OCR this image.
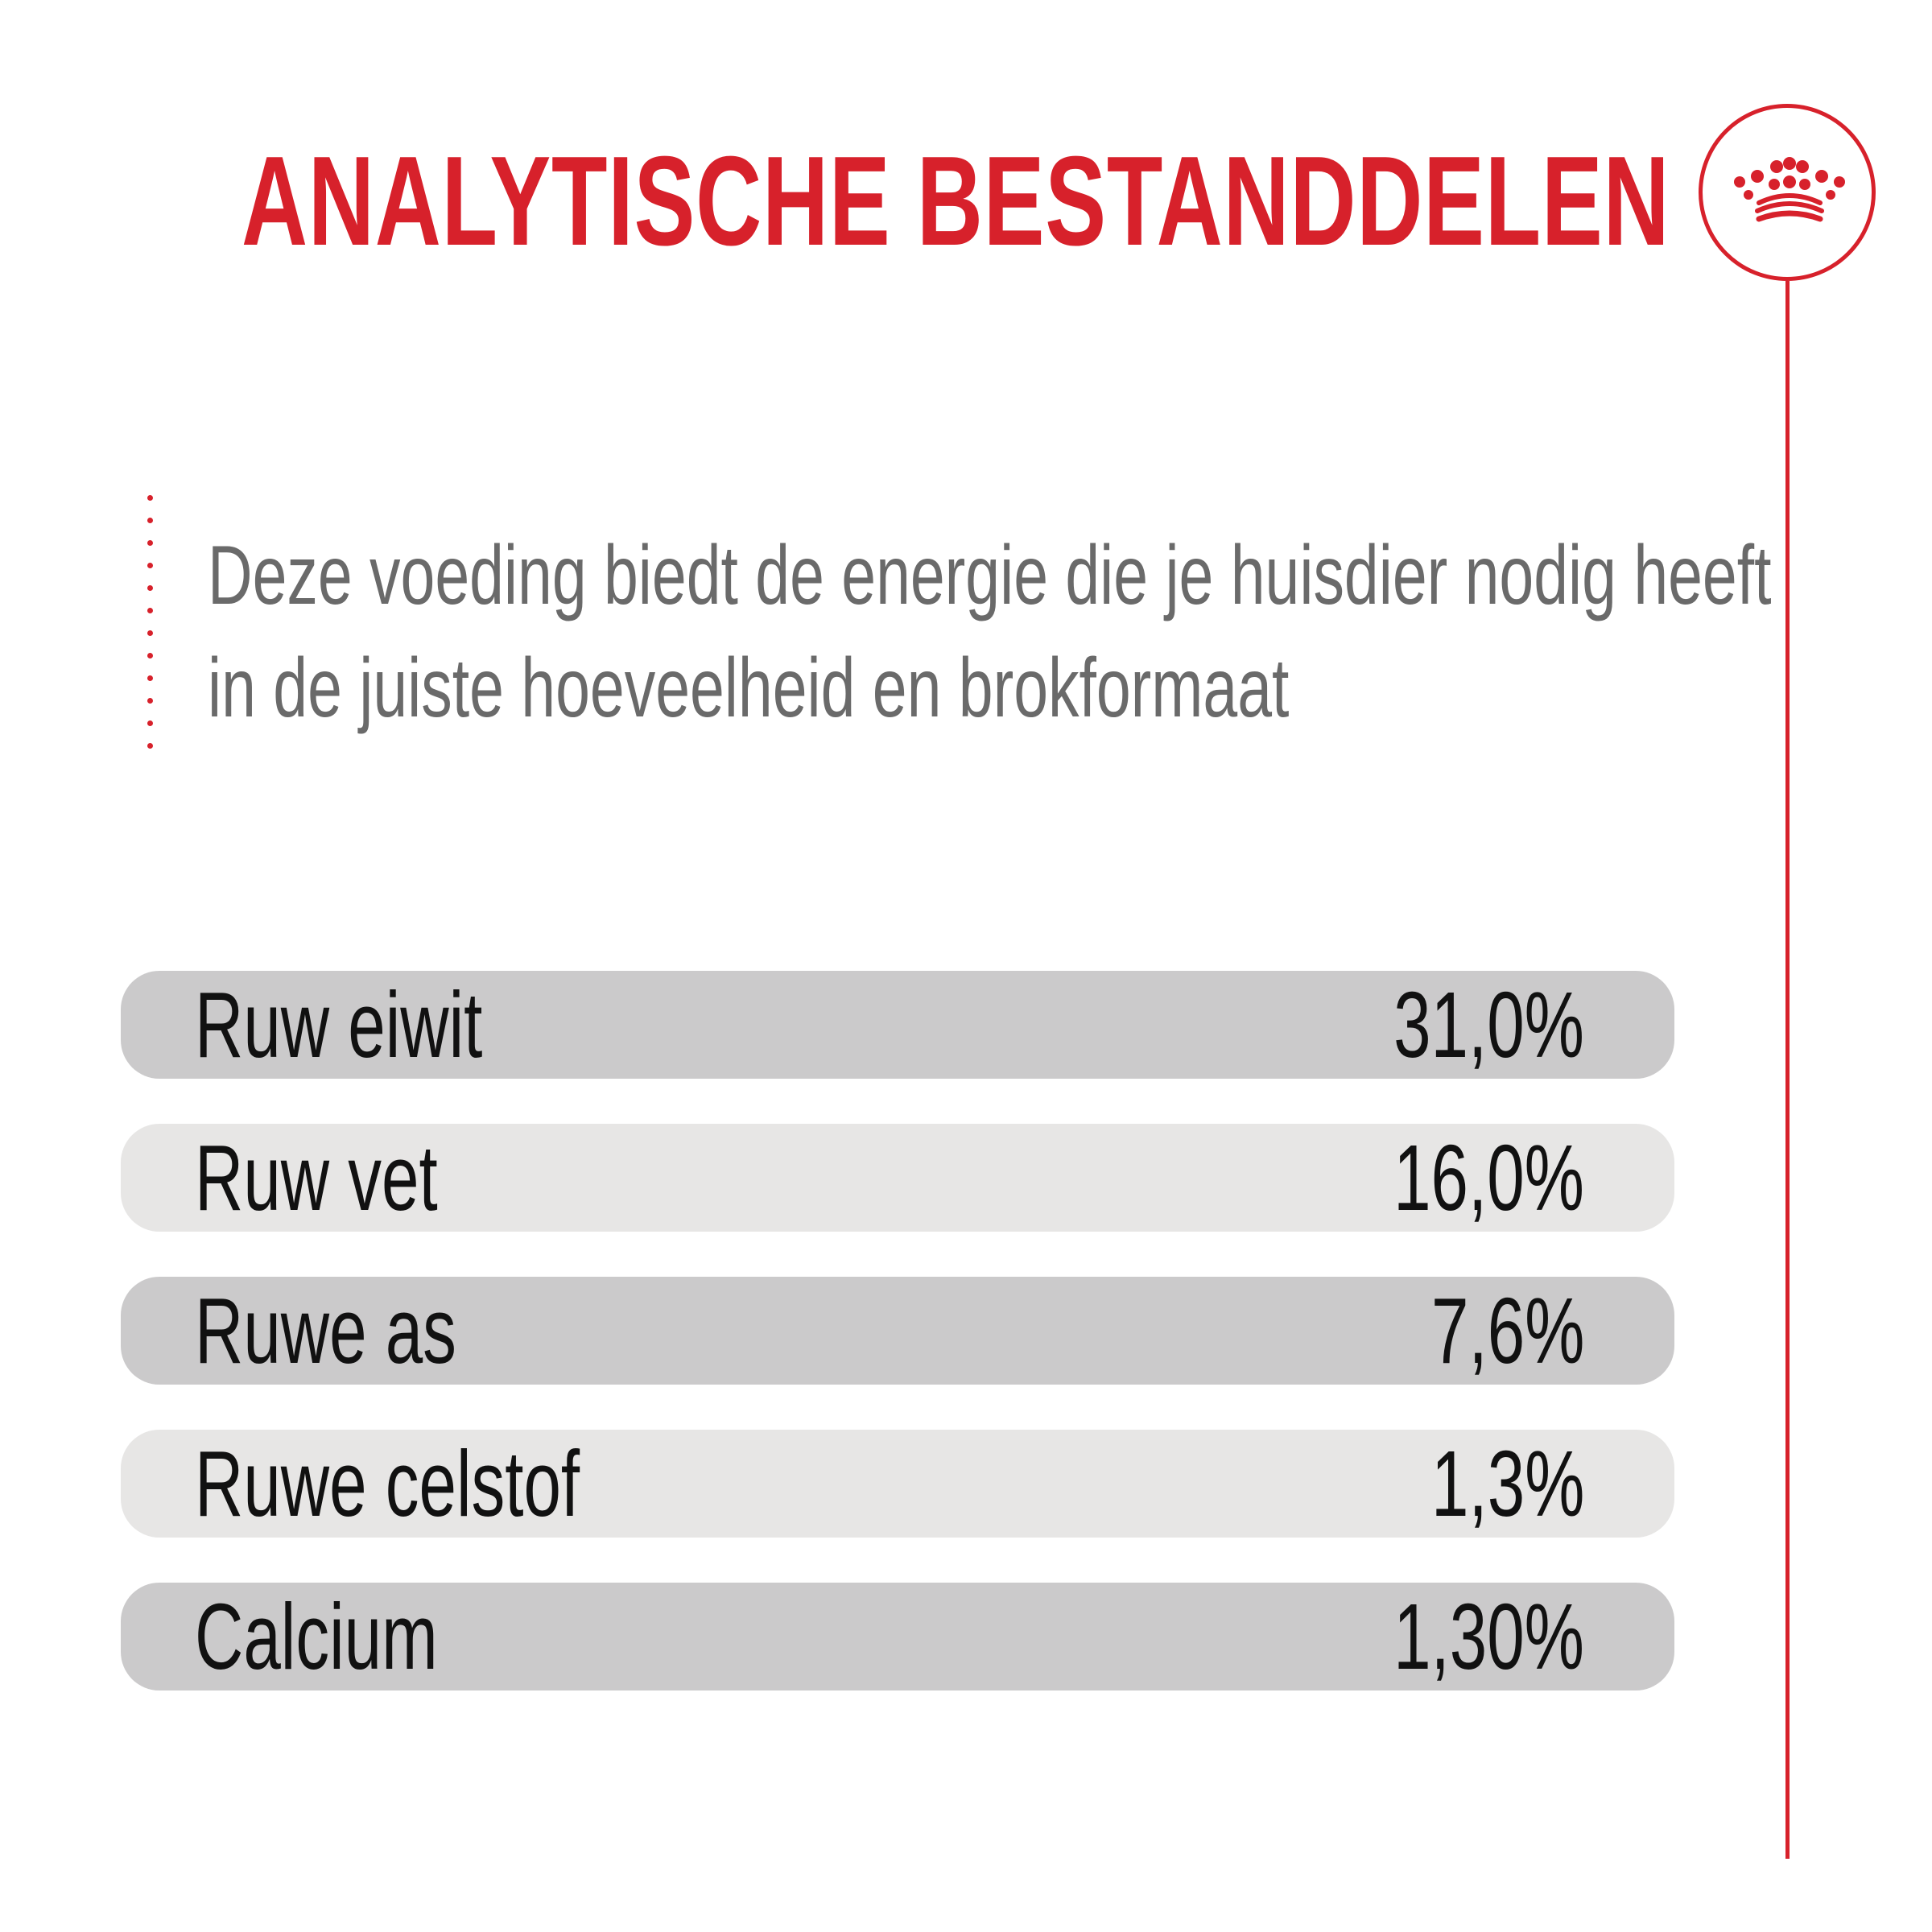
ANALYTISCHE BESTANDDELEN

Deze voeding biedt de energie die je huisdier nodig heeft
in de juiste hoeveelheid en brokformaat

Ruw eiwit	31,0%
Ruw vet	16,0%
Ruwe as	7,6%
Ruwe celstof	1,3%
Calcium	1,30%
